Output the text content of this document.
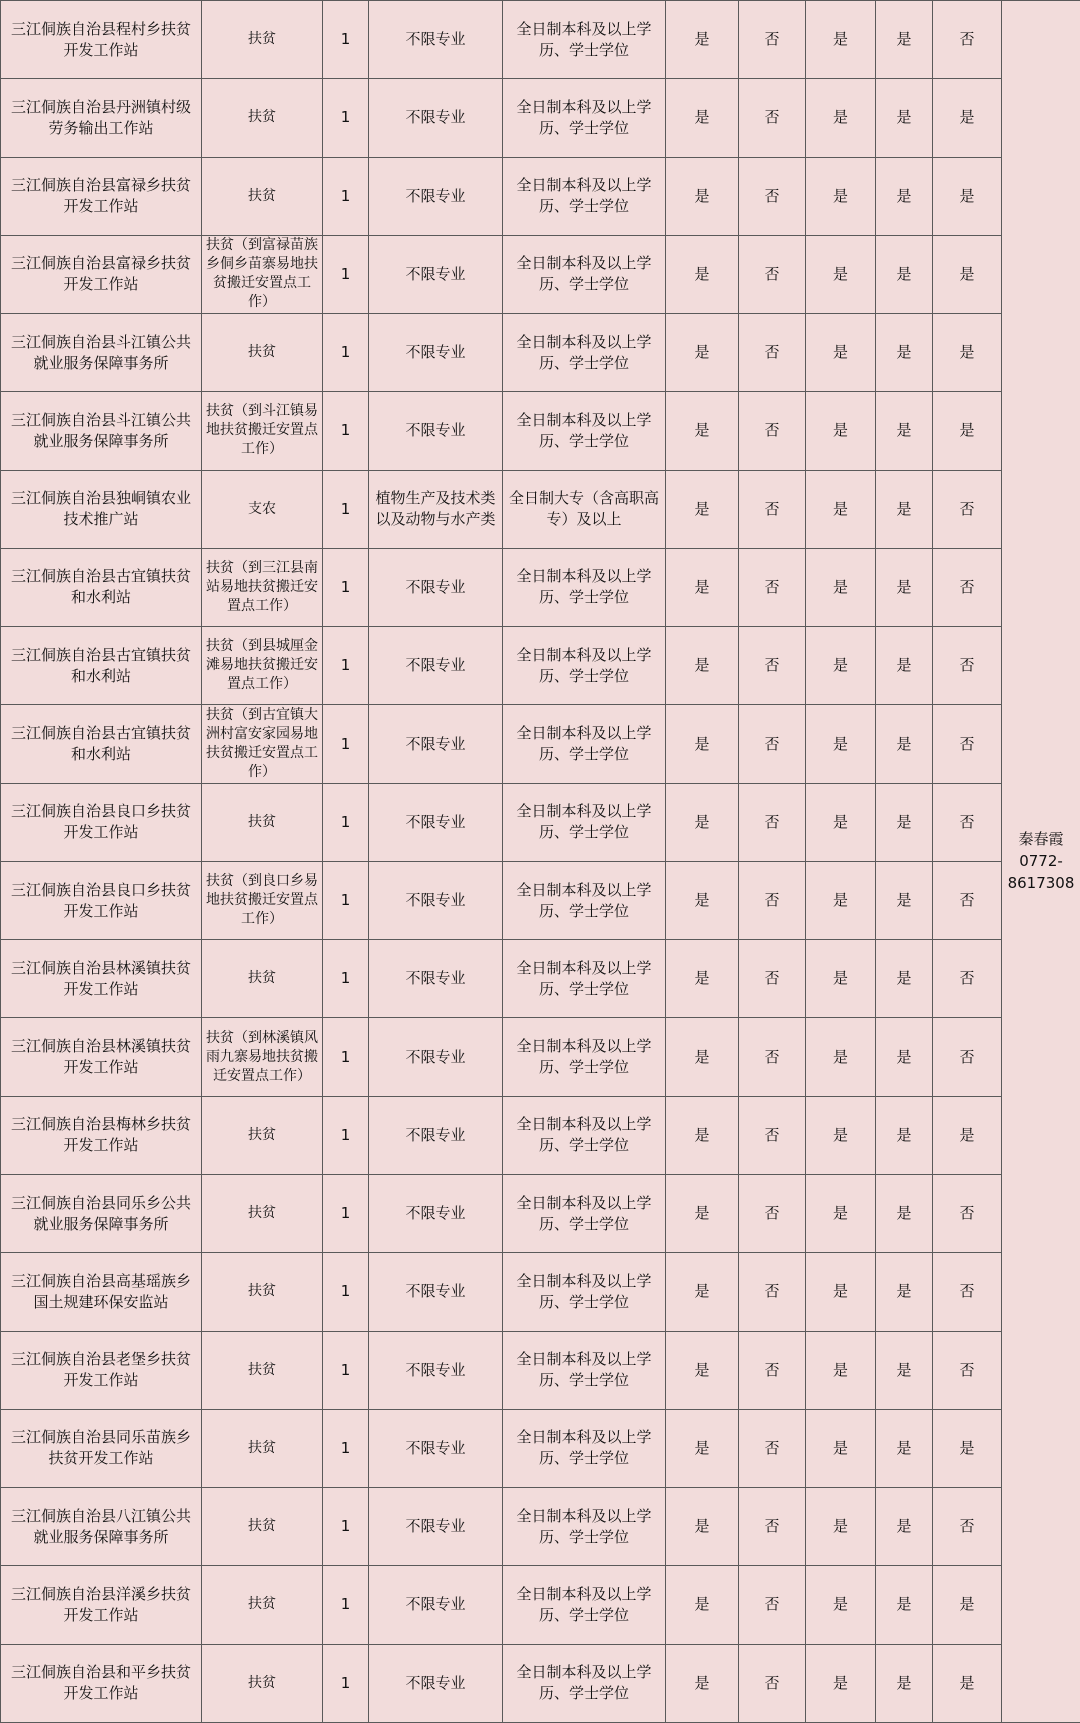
三江侗族自治县程村乡扶贫开发工作站	扶贫	1	不限专业	全日制本科及以上学历、学士学位	是	否	是	是	否	秦春霞
0772-
8617308

三江侗族自治县丹洲镇村级劳务输出工作站	扶贫	1	不限专业	全日制本科及以上学历、学士学位	是	否	是	是	是	
三江侗族自治县富禄乡扶贫开发工作站	扶贫	1	不限专业	全日制本科及以上学历、学士学位	是	否	是	是	是	
三江侗族自治县富禄乡扶贫开发工作站	扶贫（到富禄苗族乡侗乡苗寨易地扶贫搬迁安置点工作）	1	不限专业	全日制本科及以上学历、学士学位	是	否	是	是	是	
三江侗族自治县斗江镇公共就业服务保障事务所	扶贫	1	不限专业	全日制本科及以上学历、学士学位	是	否	是	是	是	
三江侗族自治县斗江镇公共就业服务保障事务所	扶贫（到斗江镇易地扶贫搬迁安置点工作）	1	不限专业	全日制本科及以上学历、学士学位	是	否	是	是	是	
三江侗族自治县独峒镇农业技术推广站	支农	1	植物生产及技术类以及动物与水产类	全日制大专（含高职高专）及以上	是	否	是	是	否	
三江侗族自治县古宜镇扶贫和水利站	扶贫（到三江县南站易地扶贫搬迁安置点工作）	1	不限专业	全日制本科及以上学历、学士学位	是	否	是	是	否	
三江侗族自治县古宜镇扶贫和水利站	扶贫（到县城厘金滩易地扶贫搬迁安置点工作）	1	不限专业	全日制本科及以上学历、学士学位	是	否	是	是	否	
三江侗族自治县古宜镇扶贫和水利站	扶贫（到古宜镇大洲村富安家园易地扶贫搬迁安置点工作）	1	不限专业	全日制本科及以上学历、学士学位	是	否	是	是	否	
三江侗族自治县良口乡扶贫开发工作站	扶贫	1	不限专业	全日制本科及以上学历、学士学位	是	否	是	是	否	
三江侗族自治县良口乡扶贫开发工作站	扶贫（到良口乡易地扶贫搬迁安置点工作）	1	不限专业	全日制本科及以上学历、学士学位	是	否	是	是	否	
三江侗族自治县林溪镇扶贫开发工作站	扶贫	1	不限专业	全日制本科及以上学历、学士学位	是	否	是	是	否	
三江侗族自治县林溪镇扶贫开发工作站	扶贫（到林溪镇风雨九寨易地扶贫搬迁安置点工作）	1	不限专业	全日制本科及以上学历、学士学位	是	否	是	是	否	
三江侗族自治县梅林乡扶贫开发工作站	扶贫	1	不限专业	全日制本科及以上学历、学士学位	是	否	是	是	是	
三江侗族自治县同乐乡公共就业服务保障事务所	扶贫	1	不限专业	全日制本科及以上学历、学士学位	是	否	是	是	否	
三江侗族自治县高基瑶族乡国土规建环保安监站	扶贫	1	不限专业	全日制本科及以上学历、学士学位	是	否	是	是	否	
三江侗族自治县老堡乡扶贫开发工作站	扶贫	1	不限专业	全日制本科及以上学历、学士学位	是	否	是	是	否	
三江侗族自治县同乐苗族乡扶贫开发工作站	扶贫	1	不限专业	全日制本科及以上学历、学士学位	是	否	是	是	是	
三江侗族自治县八江镇公共就业服务保障事务所	扶贫	1	不限专业	全日制本科及以上学历、学士学位	是	否	是	是	否	
三江侗族自治县洋溪乡扶贫开发工作站	扶贫	1	不限专业	全日制本科及以上学历、学士学位	是	否	是	是	是	
三江侗族自治县和平乡扶贫开发工作站	扶贫	1	不限专业	全日制本科及以上学历、学士学位	是	否	是	是	是	
